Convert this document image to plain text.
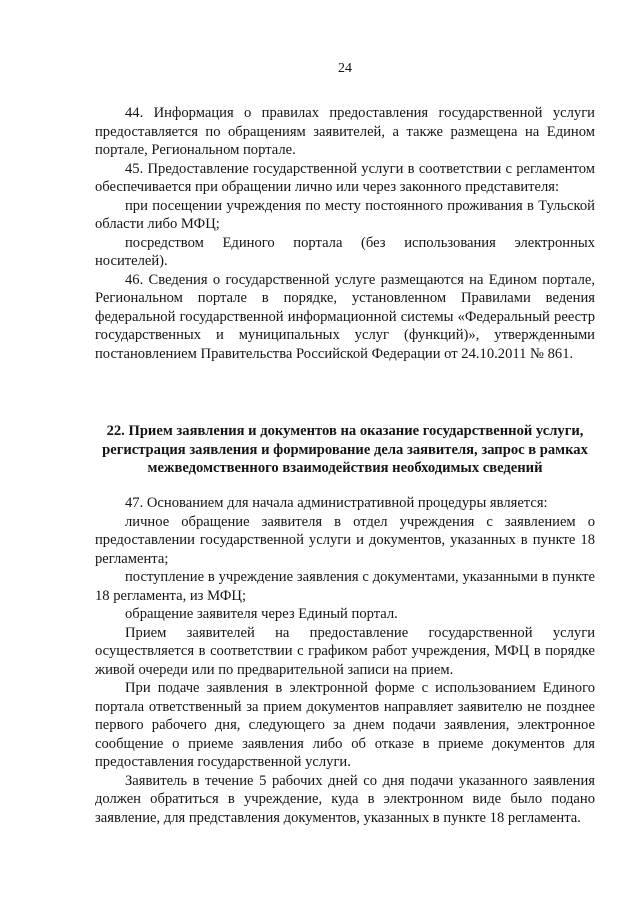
24

44. Информация о правилах предоставления государственной услуги предоставляется по обращениям заявителей, а также размещена на Едином портале, Региональном портале.

45. Предоставление государственной услуги в соответствии с регламентом обеспечивается при обращении лично или через законного представителя:

при посещении учреждения по месту постоянного проживания в Тульской области либо МФЦ;

посредством Единого портала (без использования электронных носителей).

46. Сведения о государственной услуге размещаются на Едином портале, Региональном портале в порядке, установленном Правилами ведения федеральной государственной информационной системы «Федеральный реестр государственных и муниципальных услуг (функций)», утвержденными постановлением Правительства Российской Федерации от 24.10.2011 № 861.

22. Прием заявления и документов на оказание государственной услуги, регистрация заявления и формирование дела заявителя, запрос в рамках межведомственного взаимодействия необходимых сведений

47. Основанием для начала административной процедуры является:

личное обращение заявителя в отдел учреждения с заявлением о предоставлении государственной услуги и документов, указанных в пункте 18 регламента;

поступление в учреждение заявления с документами, указанными в пункте 18 регламента, из МФЦ;

обращение заявителя через Единый портал.

Прием заявителей на предоставление государственной услуги осуществляется в соответствии с графиком работ учреждения, МФЦ в порядке живой очереди или по предварительной записи на прием.

При подаче заявления в электронной форме с использованием Единого портала ответственный за прием документов направляет заявителю не позднее первого рабочего дня, следующего за днем подачи заявления, электронное сообщение о приеме заявления либо об отказе в приеме документов для предоставления государственной услуги.

Заявитель в течение 5 рабочих дней со дня подачи указанного заявления должен обратиться в учреждение, куда в электронном виде было подано заявление, для представления документов, указанных в пункте 18 регламента.
